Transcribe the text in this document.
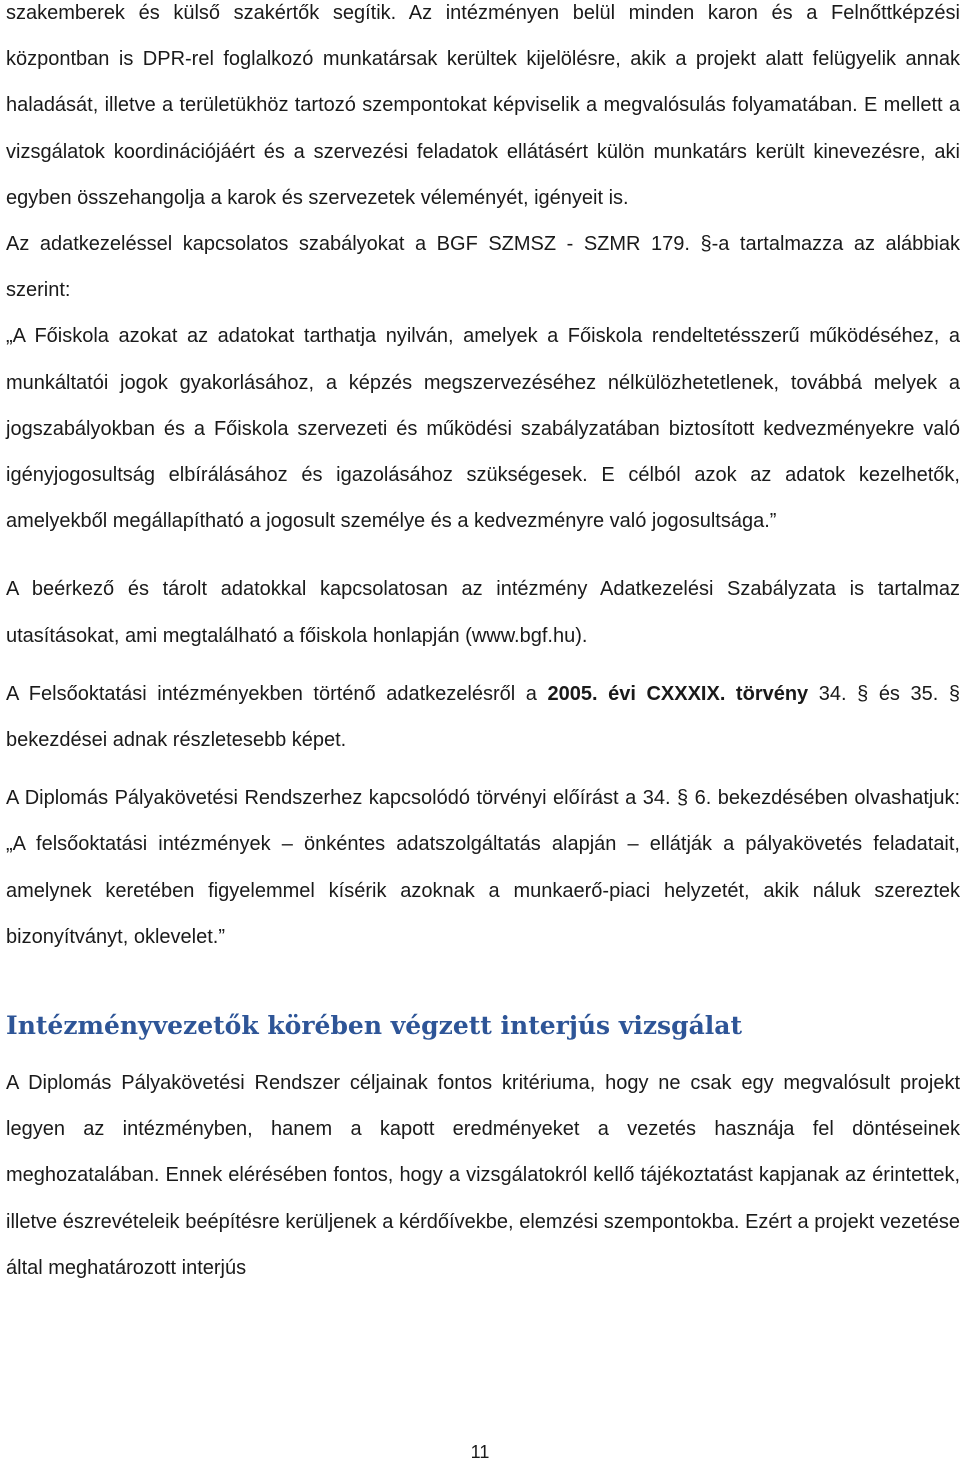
szakemberek és külső szakértők segítik. Az intézményen belül minden karon és a Felnőttképzési központban is DPR-rel foglalkozó munkatársak kerültek kijelölésre, akik a projekt alatt felügyelik annak haladását, illetve a területükhöz tartozó szempontokat képviselik a megvalósulás folyamatában. E mellett a vizsgálatok koordinációjáért és a szervezési feladatok ellátásért külön munkatárs került kinevezésre, aki egyben összehangolja a karok és szervezetek véleményét, igényeit is.

Az adatkezeléssel kapcsolatos szabályokat a BGF SZMSZ - SZMR 179. §-a tartalmazza az alábbiak szerint:

„A Főiskola azokat az adatokat tarthatja nyilván, amelyek a Főiskola rendeltetésszerű működéséhez, a munkáltatói jogok gyakorlásához, a képzés megszervezéséhez nélkülözhetetlenek, továbbá melyek a jogszabályokban és a Főiskola szervezeti és működési szabályzatában biztosított kedvezményekre való igényjogosultság elbírálásához és igazolásához szükségesek. E célból azok az adatok kezelhetők, amelyekből megállapítható a jogosult személye és a kedvezményre való jogosultsága.”

A beérkező és tárolt adatokkal kapcsolatosan az intézmény Adatkezelési Szabályzata is tartalmaz utasításokat, ami megtalálható a főiskola honlapján (www.bgf.hu).

A Felsőoktatási intézményekben történő adatkezelésről a 2005. évi CXXXIX. törvény 34. § és 35. § bekezdései adnak részletesebb képet.

A Diplomás Pályakövetési Rendszerhez kapcsolódó törvényi előírást a 34. § 6. bekezdésében olvashatjuk: „A felsőoktatási intézmények – önkéntes adatszolgáltatás alapján – ellátják a pályakövetés feladatait, amelynek keretében figyelemmel kísérik azoknak a munkaerő-piaci helyzetét, akik náluk szereztek bizonyítványt, oklevelet.”

Intézményvezetők körében végzett interjús vizsgálat

A Diplomás Pályakövetési Rendszer céljainak fontos kritériuma, hogy ne csak egy megvalósult projekt legyen az intézményben, hanem a kapott eredményeket a vezetés hasznája fel döntéseinek meghozatalában. Ennek elérésében fontos, hogy a vizsgálatokról kellő tájékoztatást kapjanak az érintettek, illetve észrevételeik beépítésre kerüljenek a kérdőívekbe, elemzési szempontokba. Ezért a projekt vezetése által meghatározott interjús

11
